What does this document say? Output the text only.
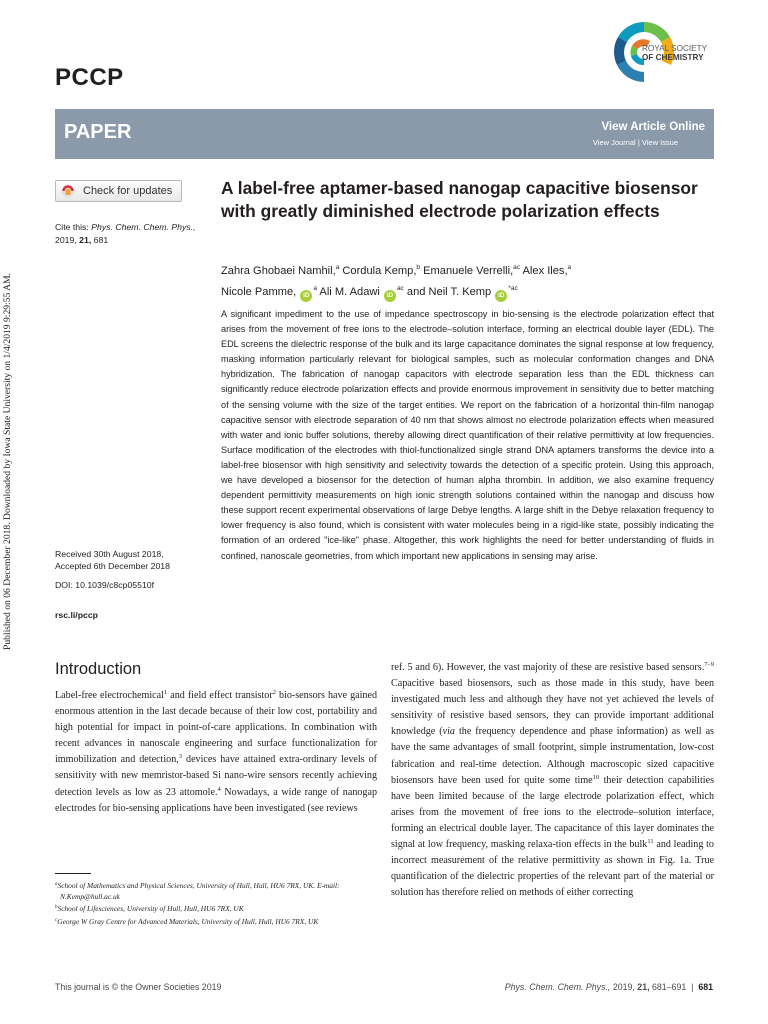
Published on 06 December 2018. Downloaded by Iowa State University on 1/4/2019 9:29:55 AM.
PCCP
ROYAL SOCIETY
OF CHEMISTRY
PAPER	View Article Online
View Journal | View Issue
Check for updates
Cite this: Phys. Chem. Chem. Phys.,
2019, 21, 681
Received 30th August 2018,
Accepted 6th December 2018
DOI: 10.1039/c8cp05510f
rsc.li/pccp
A label-free aptamer-based nanogap capacitive biosensor with greatly diminished electrode polarization effects
Zahra Ghobaei Namhil,$^a$ Cordula Kemp,$^b$ Emanuele Verrelli,$^{ac}$ Alex Iles,$^a$
Nicole Pamme, $iD^a$ Ali M. Adawi $iD^{ac}$ and Neil T. Kemp $iD^{*ac}$
A significant impediment to the use of impedance spectroscopy in bio-sensing is the electrode polarization effect that arises from the movement of free ions to the electrode–solution interface, forming an electrical double layer (EDL). The EDL screens the dielectric response of the bulk and its large capacitance dominates the signal response at low frequency, masking information particularly relevant for biological samples, such as molecular conformation changes and DNA hybridization. The fabrication of nanogap capacitors with electrode separation less than the EDL thickness can significantly reduce electrode polarization effects and provide enormous improvement in sensitivity due to better matching of the sensing volume with the size of the target entities. We report on the fabrication of a horizontal thin-film nanogap capacitive sensor with electrode separation of 40 nm that shows almost no electrode polarization effects when measured with water and ionic buffer solutions, thereby allowing direct quantification of their relative permittivity at low frequencies. Surface modification of the electrodes with thiol-functionalized single strand DNA aptamers transforms the device into a label-free biosensor with high sensitivity and selectivity towards the detection of a specific protein. Using this approach, we have developed a biosensor for the detection of human alpha thrombin. In addition, we also examine frequency dependent permittivity measurements on high ionic strength solutions contained within the nanogap and discuss how these support recent experimental observations of large Debye lengths. A large shift in the Debye relaxation frequency to lower frequency is also found, which is consistent with water molecules being in a rigid-like state, possibly indicating the formation of an ordered "ice-like" phase. Altogether, this work highlights the need for better understanding of fluids in confined, nanoscale geometries, from which important new applications in sensing may arise.
Introduction
Label-free electrochemical$^1$ and field effect transistor$^2$ bio-sensors have gained enormous attention in the last decade because of their low cost, portability and high potential for impact in point-of-care applications. In combination with recent advances in nanoscale engineering and surface functionalization for immobilization and detection,$^3$ devices have attained extra-ordinary levels of sensitivity with new memristor-based Si nano-wire sensors recently achieving detection levels as low as 23 attomole.$^4$ Nowadays, a wide range of nanogap electrodes for bio-sensing applications have been investigated (see reviews
ref. 5 and 6). However, the vast majority of these are resistive based sensors.$^{7-9}$ Capacitive based biosensors, such as those made in this study, have been investigated much less and although they have not yet achieved the levels of sensitivity of resistive based sensors, they can provide important additional knowledge (via the frequency dependence and phase information) as well as have the same advantages of small footprint, simple instrumentation, low-cost fabrication and real-time detection. Although macroscopic sized capacitive biosensors have been used for quite some time$^{10}$ their detection capabilities have been limited because of the large electrode polarization effect, which arises from the movement of free ions to the electrode–solution interface, forming an electrical double layer. The capacitance of this layer dominates the signal at low frequency, masking relaxa-tion effects in the bulk$^{11}$ and leading to incorrect measurement of the relative permittivity as shown in Fig. 1a. True quantification of the dielectric properties of the relevant part of the material or solution has therefore relied on methods of either correcting
$^a$School of Mathematics and Physical Sciences, University of Hull, Hull, HU6 7RX, UK. E-mail: N.Kemp@hull.ac.uk
$^b$School of Lifesciences, University of Hull, Hull, HU6 7RX, UK
$^c$George W Gray Centre for Advanced Materials, University of Hull, Hull, HU6 7RX, UK
This journal is © the Owner Societies 2019	Phys. Chem. Chem. Phys., 2019, 21, 681–691 | 681
